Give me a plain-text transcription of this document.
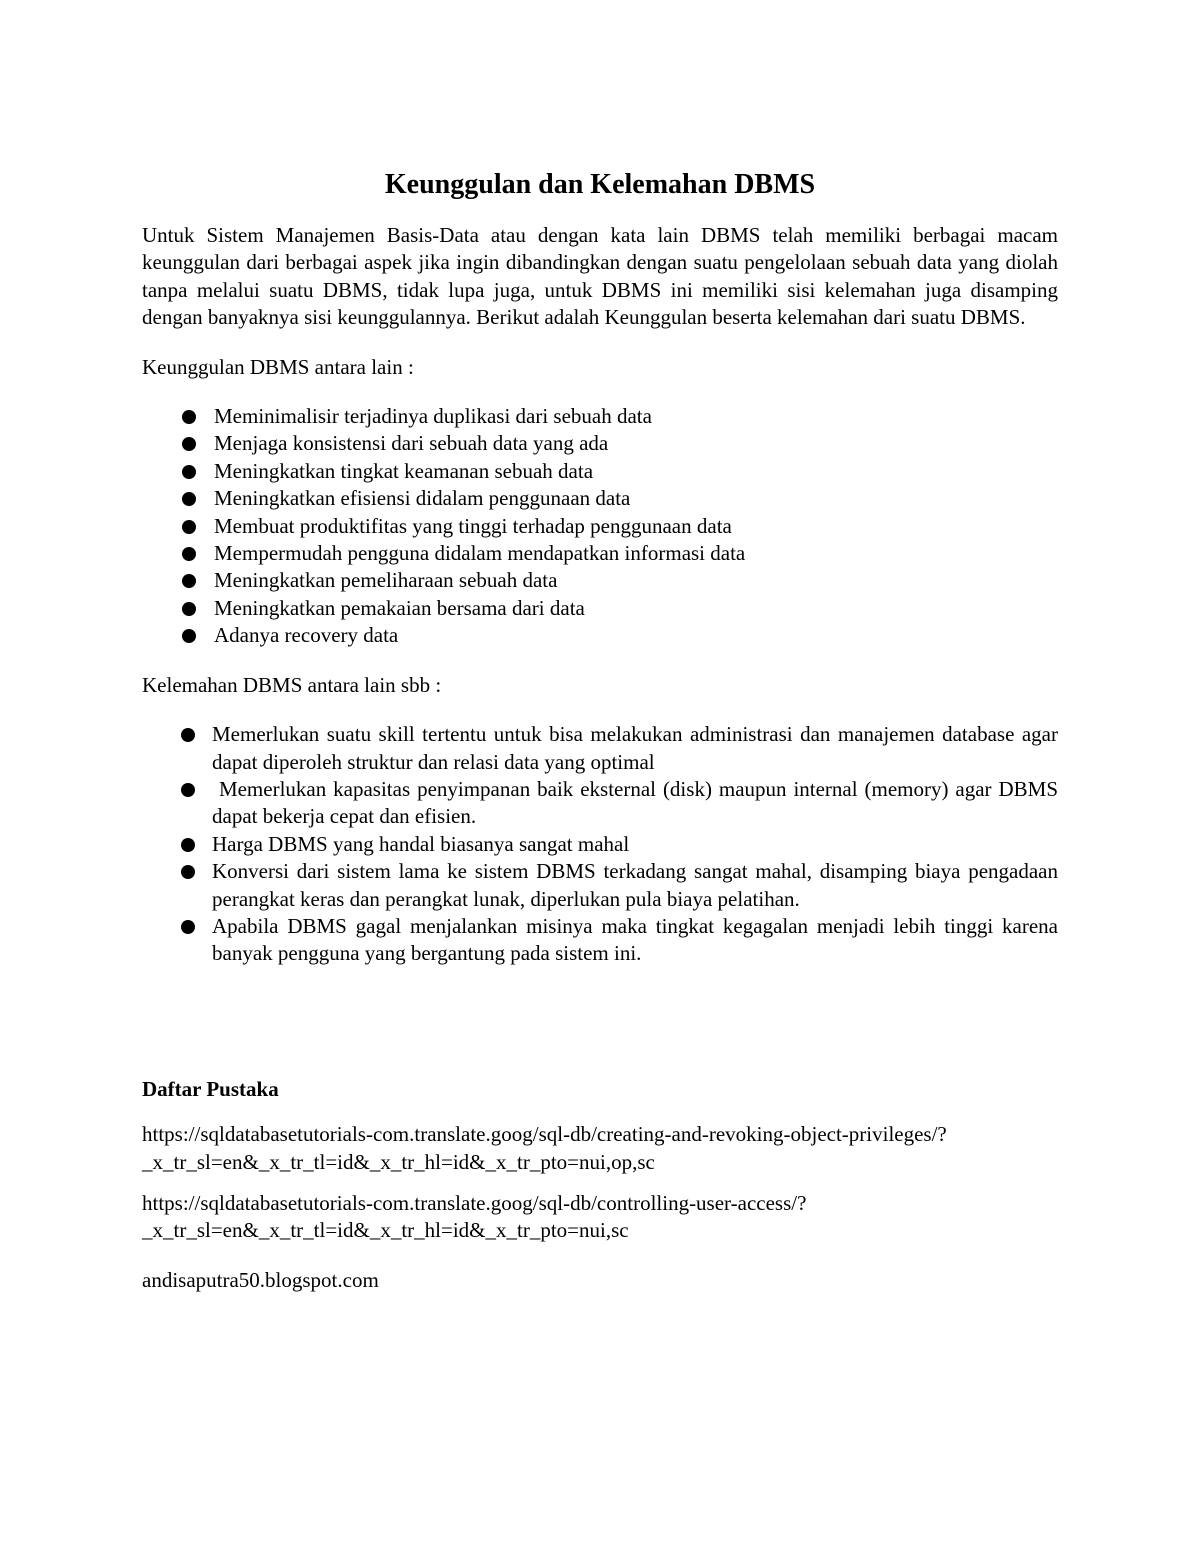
Keunggulan dan Kelemahan DBMS

Untuk Sistem Manajemen Basis-Data atau dengan kata lain DBMS telah memiliki berbagai macam keunggulan dari berbagai aspek jika ingin dibandingkan dengan suatu pengelolaan sebuah data yang diolah tanpa melalui suatu DBMS, tidak lupa juga, untuk DBMS ini memiliki sisi kelemahan juga disamping dengan banyaknya sisi keunggulannya. Berikut adalah Keunggulan beserta kelemahan dari suatu DBMS.

Keunggulan DBMS antara lain :

Meminimalisir terjadinya duplikasi dari sebuah data
Menjaga konsistensi dari sebuah data yang ada
Meningkatkan tingkat keamanan sebuah data
Meningkatkan efisiensi didalam penggunaan data
Membuat produktifitas yang tinggi terhadap penggunaan data
Mempermudah pengguna didalam mendapatkan informasi data
Meningkatkan pemeliharaan sebuah data
Meningkatkan pemakaian bersama dari data
Adanya recovery data

Kelemahan DBMS antara lain sbb :

Memerlukan suatu skill tertentu untuk bisa melakukan administrasi dan manajemen database agar dapat diperoleh struktur dan relasi data yang optimal
Memerlukan kapasitas penyimpanan baik eksternal (disk) maupun internal (memory) agar DBMS dapat bekerja cepat dan efisien.
Harga DBMS yang handal biasanya sangat mahal
Konversi dari sistem lama ke sistem DBMS terkadang sangat mahal, disamping biaya pengadaan perangkat keras dan perangkat lunak, diperlukan pula biaya pelatihan.
Apabila DBMS gagal menjalankan misinya maka tingkat kegagalan menjadi lebih tinggi karena banyak pengguna yang bergantung pada sistem ini.

Daftar Pustaka

https://sqldatabasetutorials-com.translate.goog/sql-db/creating-and-revoking-object-privileges/?
_x_tr_sl=en&_x_tr_tl=id&_x_tr_hl=id&_x_tr_pto=nui,op,sc

https://sqldatabasetutorials-com.translate.goog/sql-db/controlling-user-access/?
_x_tr_sl=en&_x_tr_tl=id&_x_tr_hl=id&_x_tr_pto=nui,sc

andisaputra50.blogspot.com
